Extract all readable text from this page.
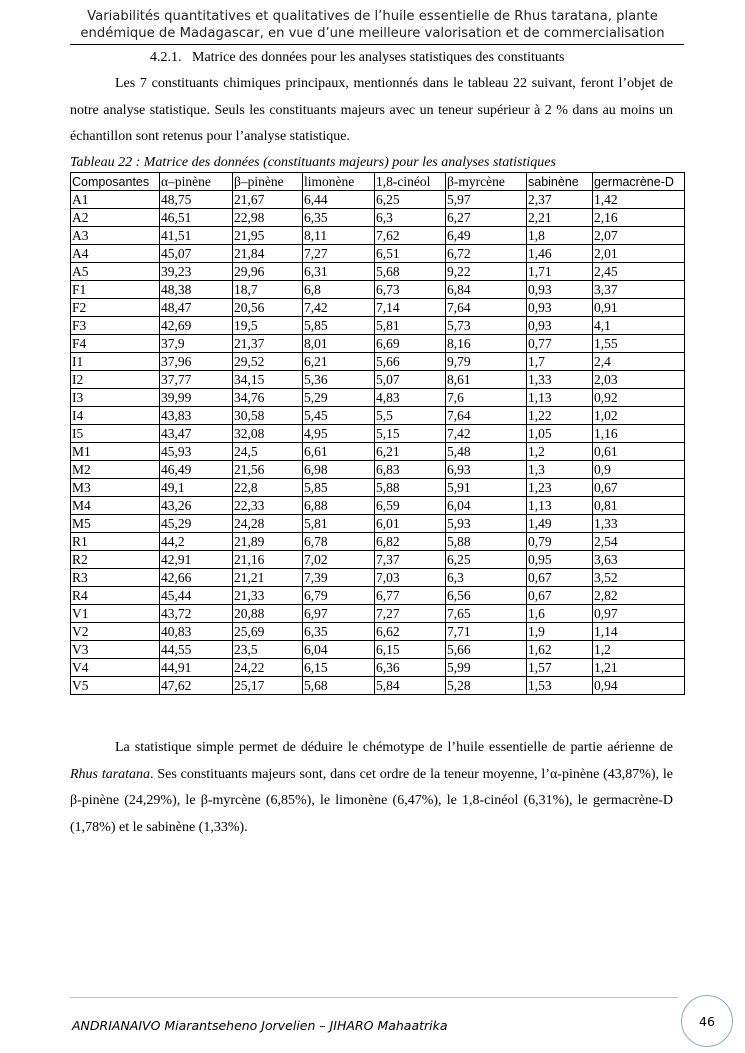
Variabilités quantitatives et qualitatives de l’huile essentielle de Rhus taratana, plante
endémique de Madagascar, en vue d’une meilleure valorisation et de commercialisation
4.2.1. Matrice des données pour les analyses statistiques des constituants

Les 7 constituants chimiques principaux, mentionnés dans le tableau 22 suivant, feront l’objet de notre analyse statistique. Seuls les constituants majeurs avec un teneur supérieur à 2 % dans au moins un échantillon sont retenus pour l’analyse statistique.

Tableau 22 : Matrice des données (constituants majeurs) pour les analyses statistiques
Composantes	α–pinène	β–pinène	limonène	1,8-cinéol	β-myrcène	sabinène	germacrène-D
A1	48,75	21,67	6,44	6,25	5,97	2,37	1,42
A2	46,51	22,98	6,35	6,3	6,27	2,21	2,16
A3	41,51	21,95	8,11	7,62	6,49	1,8	2,07
A4	45,07	21,84	7,27	6,51	6,72	1,46	2,01
A5	39,23	29,96	6,31	5,68	9,22	1,71	2,45
F1	48,38	18,7	6,8	6,73	6,84	0,93	3,37
F2	48,47	20,56	7,42	7,14	7,64	0,93	0,91
F3	42,69	19,5	5,85	5,81	5,73	0,93	4,1
F4	37,9	21,37	8,01	6,69	8,16	0,77	1,55
I1	37,96	29,52	6,21	5,66	9,79	1,7	2,4
I2	37,77	34,15	5,36	5,07	8,61	1,33	2,03
I3	39,99	34,76	5,29	4,83	7,6	1,13	0,92
I4	43,83	30,58	5,45	5,5	7,64	1,22	1,02
I5	43,47	32,08	4,95	5,15	7,42	1,05	1,16
M1	45,93	24,5	6,61	6,21	5,48	1,2	0,61
M2	46,49	21,56	6,98	6,83	6,93	1,3	0,9
M3	49,1	22,8	5,85	5,88	5,91	1,23	0,67
M4	43,26	22,33	6,88	6,59	6,04	1,13	0,81
M5	45,29	24,28	5,81	6,01	5,93	1,49	1,33
R1	44,2	21,89	6,78	6,82	5,88	0,79	2,54
R2	42,91	21,16	7,02	7,37	6,25	0,95	3,63
R3	42,66	21,21	7,39	7,03	6,3	0,67	3,52
R4	45,44	21,33	6,79	6,77	6,56	0,67	2,82
V1	43,72	20,88	6,97	7,27	7,65	1,6	0,97
V2	40,83	25,69	6,35	6,62	7,71	1,9	1,14
V3	44,55	23,5	6,04	6,15	5,66	1,62	1,2
V4	44,91	24,22	6,15	6,36	5,99	1,57	1,21
V5	47,62	25,17	5,68	5,84	5,28	1,53	0,94

La statistique simple permet de déduire le chémotype de l’huile essentielle de partie aérienne de Rhus taratana. Ses constituants majeurs sont, dans cet ordre de la teneur moyenne, l’α-pinène (43,87%), le β-pinène (24,29%), le β-myrcène (6,85%), le limonène (6,47%), le 1,8-cinéol (6,31%), le germacrène-D (1,78%) et le sabinène (1,33%).

ANDRIANAIVO Miarantseheno Jorvelien – JIHARO Mahaatrika	46
